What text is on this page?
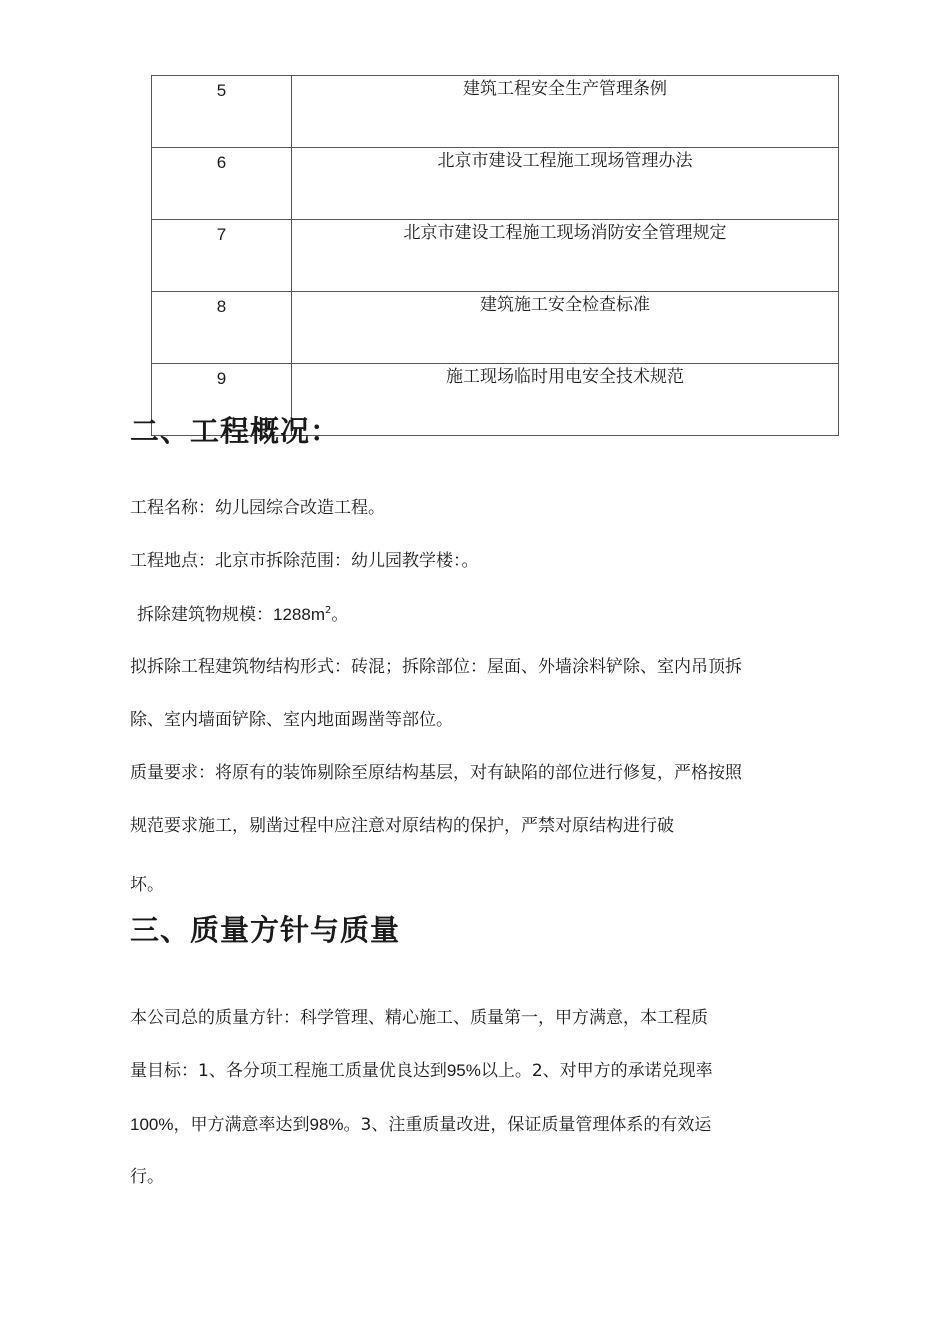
5	建筑工程安全生产管理条例
6	北京市建设工程施工现场管理办法
7	北京市建设工程施工现场消防安全管理规定
8	建筑施工安全检查标准
9	施工现场临时用电安全技术规范
二、工程概况：

工程名称：幼儿园综合改造工程。

工程地点：北京市拆除范围：幼儿园教学楼：。

拆除建筑物规模：$1288m^2$。

拟拆除工程建筑物结构形式：砖混；拆除部位：屋面、外墙涂料铲除、室内吊顶拆

除、室内墙面铲除、室内地面踢凿等部位。

质量要求：将原有的装饰剔除至原结构基层，对有缺陷的部位进行修复，严格按照

规范要求施工，剔凿过程中应注意对原结构的保护，严禁对原结构进行破

坏。

三、质量方针与质量

本公司总的质量方针：科学管理、精心施工、质量第一，甲方满意，本工程质

量目标：1、各分项工程施工质量优良达到95%以上。2、对甲方的承诺兑现率

100%，甲方满意率达到98%。3、注重质量改进，保证质量管理体系的有效运

行。
